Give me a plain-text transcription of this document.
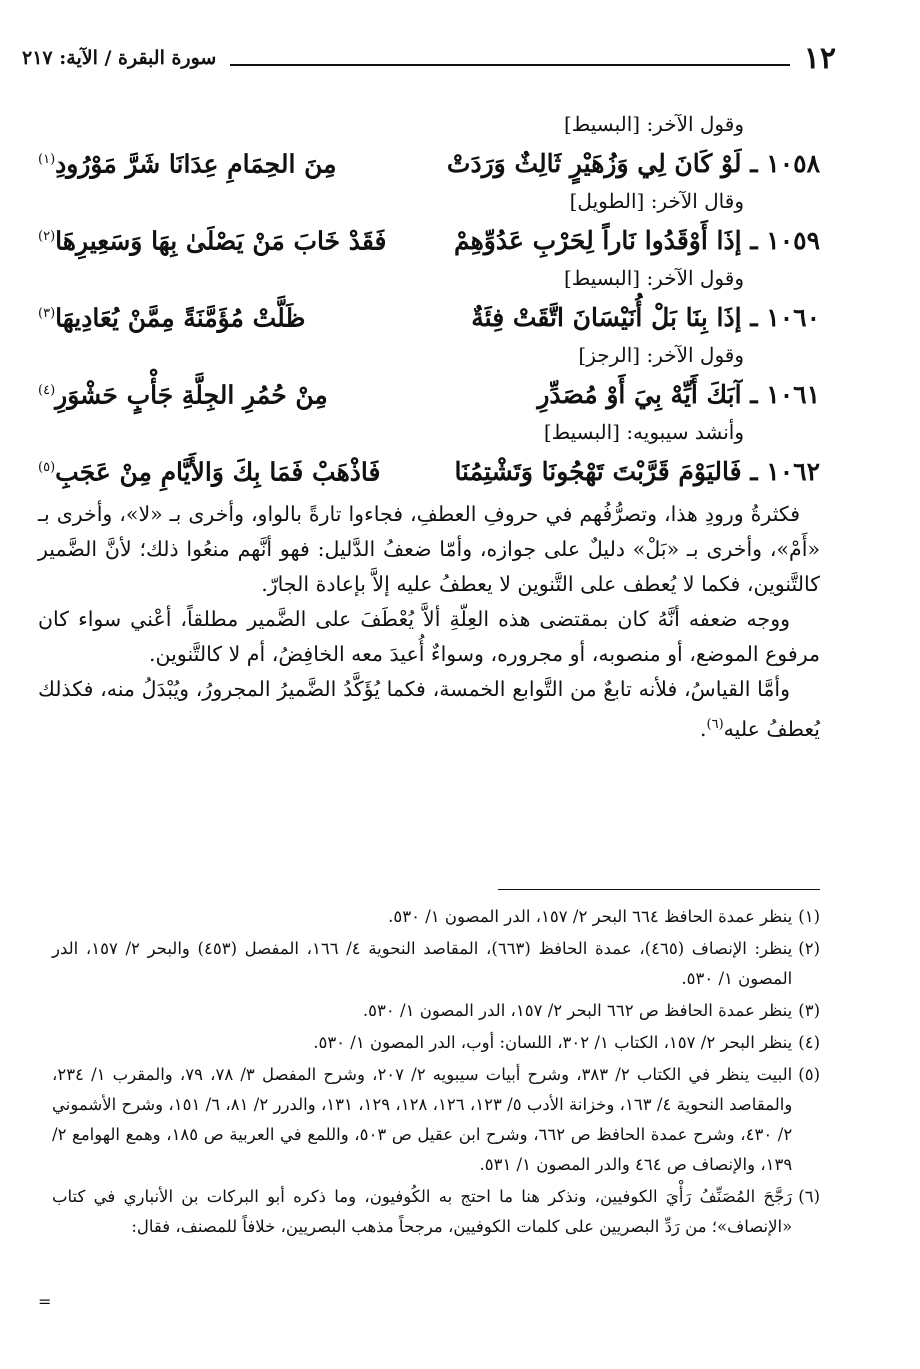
١٢
سورة البقرة / الآية: ٢١٧

وقول الآخر: [البسيط]

١٠٥٨ ـ لَوْ كَانَ لِي وَزُهَيْرٍ ثَالِثٌ وَرَدَتْ
مِنَ الحِمَامِ عِدَانَا شَرَّ مَوْرُودِ$^{(١)}$

وقال الآخر: [الطويل]

١٠٥٩ ـ إذَا أَوْقَدُوا نَاراً لِحَرْبِ عَدُوِّهِمْ
فَقَدْ خَابَ مَنْ يَصْلَىٰ بِهَا وَسَعِيرِهَا$^{(٢)}$

وقول الآخر: [البسيط]

١٠٦٠ ـ إذَا بِنَا بَلْ أُنَيْسَانَ اتَّقَتْ فِئَةٌ
ظَلَّتْ مُؤَمَّنَةً مِمَّنْ يُعَادِيهَا$^{(٣)}$

وقول الآخر: [الرجز]

١٠٦١ ـ آبَكَ أَيِّهْ بِيَ أَوْ مُصَدِّرِ
مِنْ حُمُرِ الجِلَّةِ جَأْبٍ حَشْوَرِ$^{(٤)}$

وأنشد سيبويه: [البسيط]

١٠٦٢ ـ فَاليَوْمَ قَرَّبْتَ تَهْجُونَا وَتَشْتِمُنَا
فَاذْهَبْ فَمَا بِكَ وَالأَيَّامِ مِنْ عَجَبِ$^{(٥)}$

فكثرةُ ورودِ هذا، وتصرُّفُهم في حروفِ العطفِ، فجاءوا تارةً بالواو، وأخرى بـ «لا»، وأخرى بـ «أَمْ»، وأخرى بـ «بَلْ» دليلٌ على جوازه، وأمّا ضعفُ الدَّليل: فهو أنَّهم منعُوا ذلك؛ لأنَّ الضَّمير كالتَّنوين، فكما لا يُعطف على التَّنوين لا يعطفُ عليه إلاَّ بإعادة الجارّ.

ووجه ضعفه أنَّهُ كان بمقتضى هذه العِلّةِ ألاَّ يُعْطَفَ على الضَّمير مطلقاً، أعْني سواء كان مرفوع الموضع، أو منصوبه، أو مجروره، وسواءٌ أُعيدَ معه الخافِضُ، أم لا كالتَّنوين.

وأمَّا القياسُ، فلأنه تابعٌ من التَّوابع الخمسة، فكما يُؤَكَّدُ الضَّميرُ المجرورُ، ويُبْدَلُ منه، فكذلك يُعطفُ عليه$^{(٦)}$.

(١)
ينظر عمدة الحافظ ٦٦٤ البحر ٢/ ١٥٧، الدر المصون ١/ ٥٣٠.
(٢)
ينظر: الإنصاف (٤٦٥)، عمدة الحافظ (٦٦٣)، المقاصد النحوية ٤/ ١٦٦، المفصل (٤٥٣) والبحر ٢/ ١٥٧، الدر المصون ١/ ٥٣٠.
(٣)
ينظر عمدة الحافظ ص ٦٦٢ البحر ٢/ ١٥٧، الدر المصون ١/ ٥٣٠.
(٤)
ينظر البحر ٢/ ١٥٧، الكتاب ١/ ٣٠٢، اللسان: أوب، الدر المصون ١/ ٥٣٠.
(٥)
البيت ينظر في الكتاب ٢/ ٣٨٣، وشرح أبيات سيبويه ٢/ ٢٠٧، وشرح المفصل ٣/ ٧٨، ٧٩، والمقرب ١/ ٢٣٤، والمقاصد النحوية ٤/ ١٦٣، وخزانة الأدب ٥/ ١٢٣، ١٢٦، ١٢٨، ١٢٩، ١٣١، والدرر ٢/ ٨١، ٦/ ١٥١، وشرح الأشموني ٢/ ٤٣٠، وشرح عمدة الحافظ ص ٦٦٢، وشرح ابن عقيل ص ٥٠٣، واللمع في العربية ص ١٨٥، وهمع الهوامع ٢/ ١٣٩، والإنصاف ص ٤٦٤ والدر المصون ١/ ٥٣١.
(٦)
رَجَّحَ المُصَنِّفُ رَأْيَ الكوفيين، ونذكر هنا ما احتج به الكُوفيون، وما ذكره أبو البركات بن الأنباري في كتاب «الإنصاف»؛ من رَدِّ البصريين على كلمات الكوفيين، مرجحاً مذهب البصريين، خلافاً للمصنف، فقال:
=
